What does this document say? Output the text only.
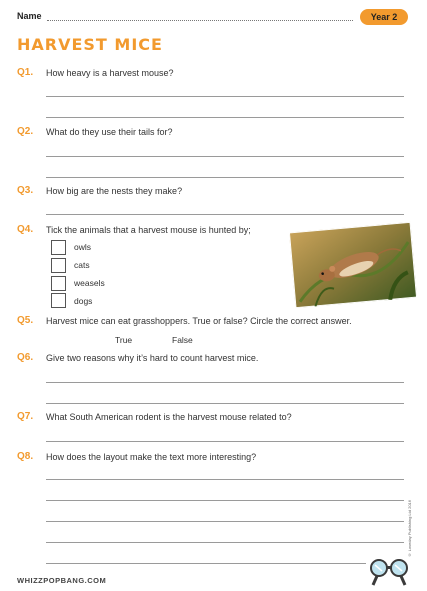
Name	Year 2
HARVEST MICE
Q1. How heavy is a harvest mouse?
Q2. What do they use their tails for?
Q3. How big are the nests they make?
Q4. Tick the animals that a harvest mouse is hunted by;
owls
cats
weasels
dogs
Q5. Harvest mice can eat grasshoppers. True or false? Circle the correct answer.
True	False
Q6. Give two reasons why it’s hard to count harvest mice.
Q7. What South American rodent is the harvest mouse related to?
Q8. How does the layout make the text more interesting?
WHIZZPOPBANG.COM
© Loveday Publishing Ltd 2016
